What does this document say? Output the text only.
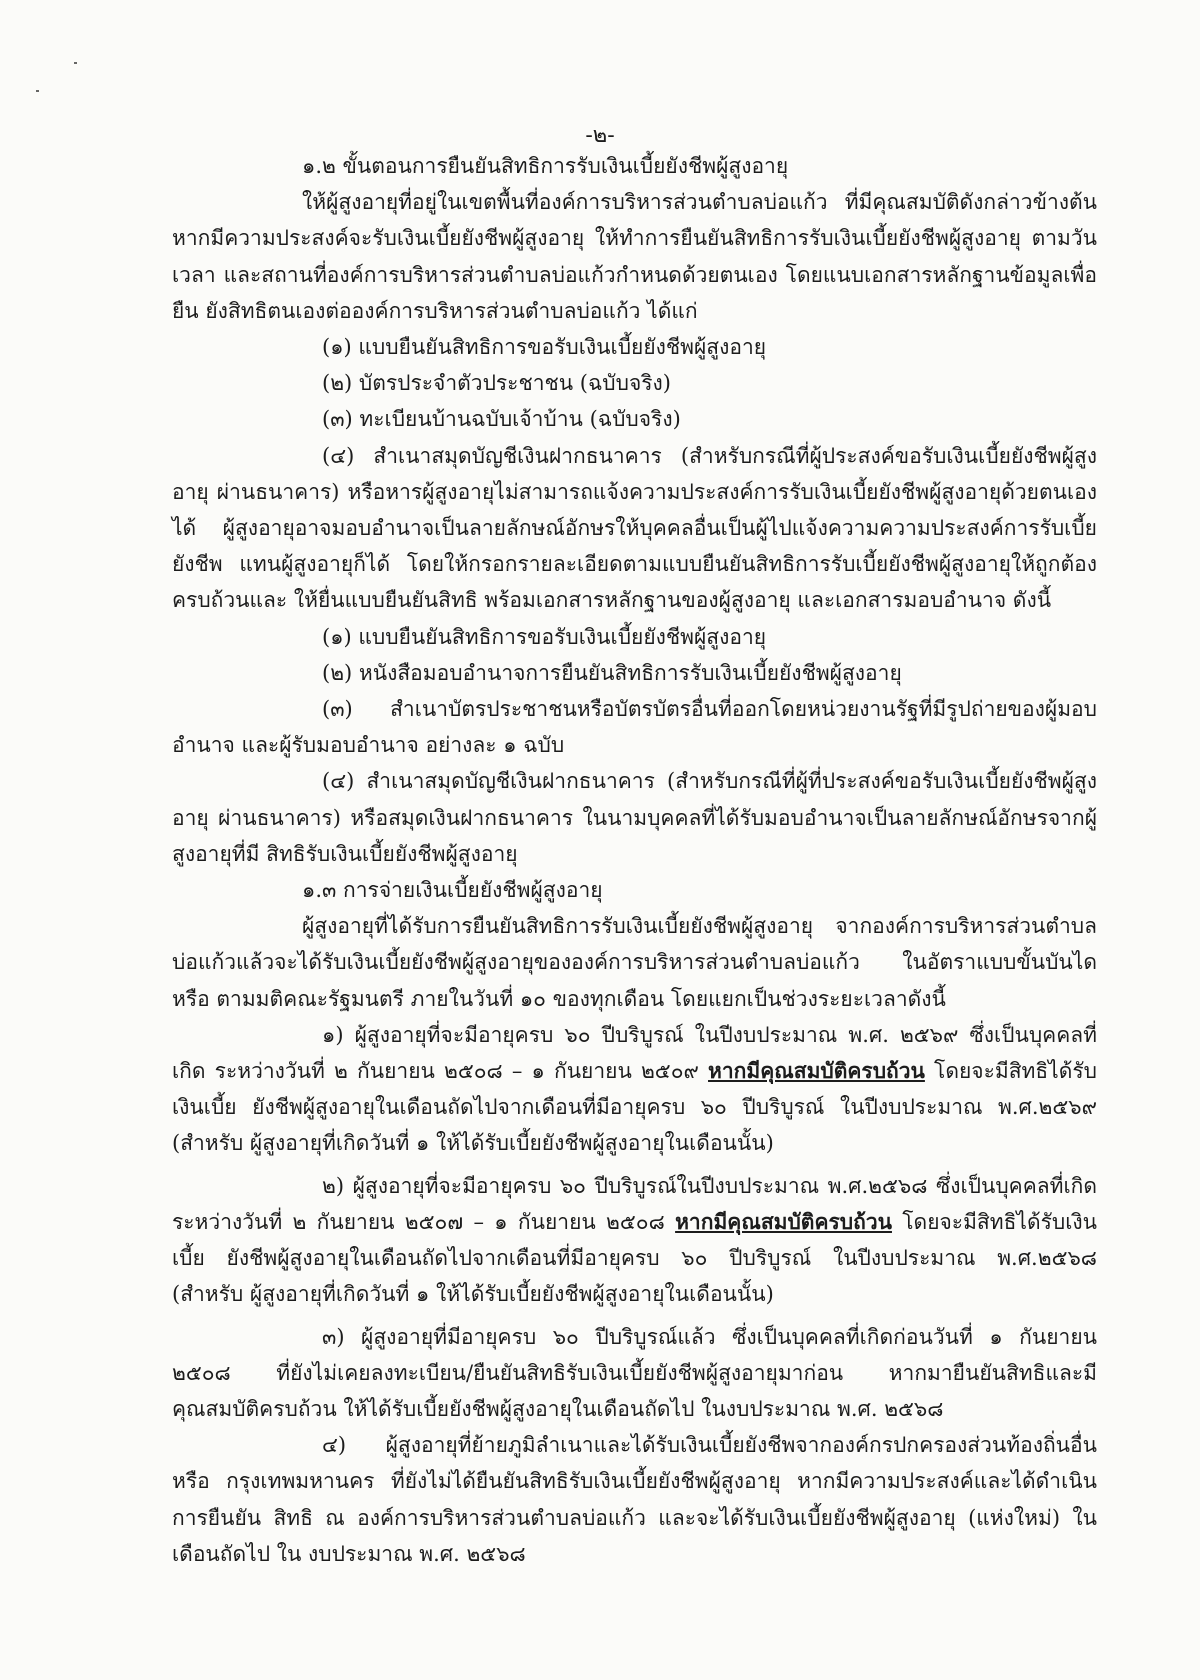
-๒-

๑.๒ ขั้นตอนการยืนยันสิทธิการรับเงินเบี้ยยังชีพผู้สูงอายุ

ให้ผู้สูงอายุที่อยู่ในเขตพื้นที่องค์การบริหารส่วนตำบลบ่อแก้ว ที่มีคุณสมบัติดังกล่าวข้างต้น หากมีความประสงค์จะรับเงินเบี้ยยังชีพผู้สูงอายุ ให้ทำการยืนยันสิทธิการรับเงินเบี้ยยังชีพผู้สูงอายุ ตามวัน เวลา และสถานที่องค์การบริหารส่วนตำบลบ่อแก้วกำหนดด้วยตนเอง โดยแนบเอกสารหลักฐานข้อมูลเพื่อยืน ยังสิทธิตนเองต่อองค์การบริหารส่วนตำบลบ่อแก้ว ได้แก่

(๑) แบบยืนยันสิทธิการขอรับเงินเบี้ยยังชีพผู้สูงอายุ

(๒) บัตรประจำตัวประชาชน (ฉบับจริง)

(๓) ทะเบียนบ้านฉบับเจ้าบ้าน (ฉบับจริง)

(๔) สำเนาสมุดบัญชีเงินฝากธนาคาร (สำหรับกรณีที่ผู้ประสงค์ขอรับเงินเบี้ยยังชีพผู้สูงอายุ ผ่านธนาคาร) หรือหารผู้สูงอายุไม่สามารถแจ้งความประสงค์การรับเงินเบี้ยยังชีพผู้สูงอายุด้วยตนเองได้ ผู้สูงอายุอาจมอบอำนาจเป็นลายลักษณ์อักษรให้บุคคลอื่นเป็นผู้ไปแจ้งความความประสงค์การรับเบี้ยยังชีพ แทนผู้สูงอายุก็ได้ โดยให้กรอกรายละเอียดตามแบบยืนยันสิทธิการรับเบี้ยยังชีพผู้สูงอายุให้ถูกต้องครบถ้วนและ ให้ยื่นแบบยืนยันสิทธิ พร้อมเอกสารหลักฐานของผู้สูงอายุ และเอกสารมอบอำนาจ ดังนี้

(๑) แบบยืนยันสิทธิการขอรับเงินเบี้ยยังชีพผู้สูงอายุ

(๒) หนังสือมอบอำนาจการยืนยันสิทธิการรับเงินเบี้ยยังชีพผู้สูงอายุ

(๓) สำเนาบัตรประชาชนหรือบัตรบัตรอื่นที่ออกโดยหน่วยงานรัฐที่มีรูปถ่ายของผู้มอบอำนาจ และผู้รับมอบอำนาจ อย่างละ ๑ ฉบับ

(๔) สำเนาสมุดบัญชีเงินฝากธนาคาร (สำหรับกรณีที่ผู้ที่ประสงค์ขอรับเงินเบี้ยยังชีพผู้สูงอายุ ผ่านธนาคาร) หรือสมุดเงินฝากธนาคาร ในนามบุคคลที่ได้รับมอบอำนาจเป็นลายลักษณ์อักษรจากผู้สูงอายุที่มี สิทธิรับเงินเบี้ยยังชีพผู้สูงอายุ

๑.๓ การจ่ายเงินเบี้ยยังชีพผู้สูงอายุ

ผู้สูงอายุที่ได้รับการยืนยันสิทธิการรับเงินเบี้ยยังชีพผู้สูงอายุ จากองค์การบริหารส่วนตำบล บ่อแก้วแล้วจะได้รับเงินเบี้ยยังชีพผู้สูงอายุขององค์การบริหารส่วนตำบลบ่อแก้ว ในอัตราแบบขั้นบันได หรือ ตามมติคณะรัฐมนตรี ภายในวันที่ ๑๐ ของทุกเดือน โดยแยกเป็นช่วงระยะเวลาดังนี้

๑) ผู้สูงอายุที่จะมีอายุครบ ๖๐ ปีบริบูรณ์ ในปีงบประมาณ พ.ศ. ๒๕๖๙ ซึ่งเป็นบุคคลที่เกิด ระหว่างวันที่ ๒ กันยายน ๒๕๐๘ – ๑ กันยายน ๒๕๐๙ หากมีคุณสมบัติครบถ้วน โดยจะมีสิทธิได้รับเงินเบี้ย ยังชีพผู้สูงอายุในเดือนถัดไปจากเดือนที่มีอายุครบ ๖๐ ปีบริบูรณ์ ในปีงบประมาณ พ.ศ.๒๕๖๙ (สำหรับ ผู้สูงอายุที่เกิดวันที่ ๑ ให้ได้รับเบี้ยยังชีพผู้สูงอายุในเดือนนั้น)

๒) ผู้สูงอายุที่จะมีอายุครบ ๖๐ ปีบริบูรณ์ในปีงบประมาณ พ.ศ.๒๕๖๘ ซึ่งเป็นบุคคลที่เกิด ระหว่างวันที่ ๒ กันยายน ๒๕๐๗ – ๑ กันยายน ๒๕๐๘ หากมีคุณสมบัติครบถ้วน โดยจะมีสิทธิได้รับเงินเบี้ย ยังชีพผู้สูงอายุในเดือนถัดไปจากเดือนที่มีอายุครบ ๖๐ ปีบริบูรณ์ ในปีงบประมาณ พ.ศ.๒๕๖๘ (สำหรับ ผู้สูงอายุที่เกิดวันที่ ๑ ให้ได้รับเบี้ยยังชีพผู้สูงอายุในเดือนนั้น)

๓) ผู้สูงอายุที่มีอายุครบ ๖๐ ปีบริบูรณ์แล้ว ซึ่งเป็นบุคคลที่เกิดก่อนวันที่ ๑ กันยายน ๒๕๐๘ ที่ยังไม่เคยลงทะเบียน/ยืนยันสิทธิรับเงินเบี้ยยังชีพผู้สูงอายุมาก่อน หากมายืนยันสิทธิและมีคุณสมบัติครบถ้วน ให้ได้รับเบี้ยยังชีพผู้สูงอายุในเดือนถัดไป ในงบประมาณ พ.ศ. ๒๕๖๘

๔) ผู้สูงอายุที่ย้ายภูมิลำเนาและได้รับเงินเบี้ยยังชีพจากองค์กรปกครองส่วนท้องถิ่นอื่น หรือ กรุงเทพมหานคร ที่ยังไม่ได้ยืนยันสิทธิรับเงินเบี้ยยังชีพผู้สูงอายุ หากมีความประสงค์และได้ดำเนินการยืนยัน สิทธิ ณ องค์การบริหารส่วนตำบลบ่อแก้ว และจะได้รับเงินเบี้ยยังชีพผู้สูงอายุ (แห่งใหม่) ในเดือนถัดไป ใน งบประมาณ พ.ศ. ๒๕๖๘
